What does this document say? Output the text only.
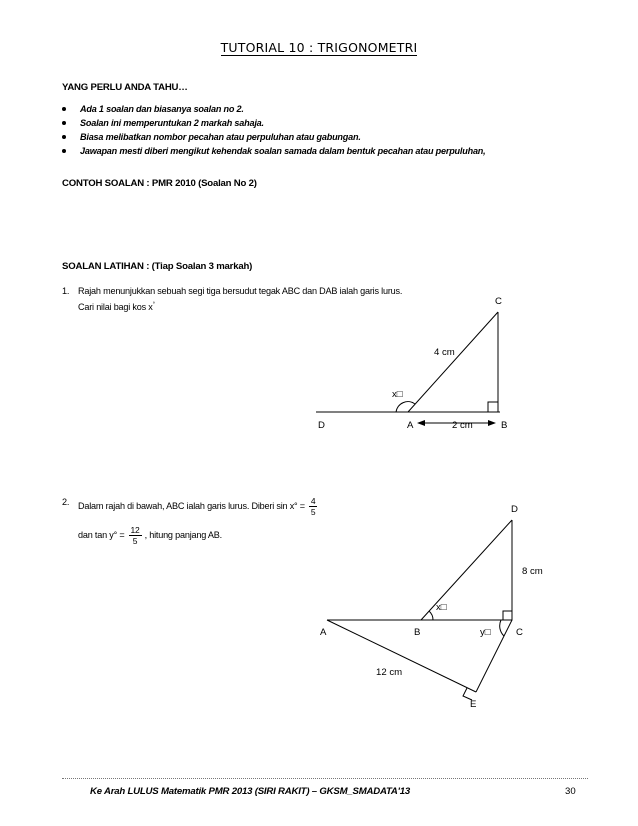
TUTORIAL 10 : TRIGONOMETRI
YANG PERLU ANDA TAHU…
Ada 1 soalan dan biasanya soalan no 2.
Soalan ini memperuntukan 2 markah sahaja.
Biasa melibatkan nombor pecahan atau perpuluhan atau gabungan.
Jawapan mesti diberi mengikut kehendak soalan samada dalam bentuk pecahan atau perpuluhan,
CONTOH SOALAN : PMR 2010 (Soalan No 2)
SOALAN LATIHAN : (Tiap Soalan 3 markah)
1. Rajah menunjukkan sebuah segi tiga bersudut tegak ABC dan DAB ialah garis lurus.
Cari nilai bagi kos x°	C
4 cm
x□
D	A	2 cm	B
2. Dalam rajah di bawah, ABC ialah garis lurus. Diberi $\sin x^\circ = \frac{4}{5}$
dan $\tan y^\circ = \frac{12}{5}$ , hitung panjang AB.
D
8 cm
x□
A	B	y□	C
12 cm
E
Ke Arah LULUS Matematik PMR 2013 (SIRI RAKIT) – GKSM_SMADATA'13	30
